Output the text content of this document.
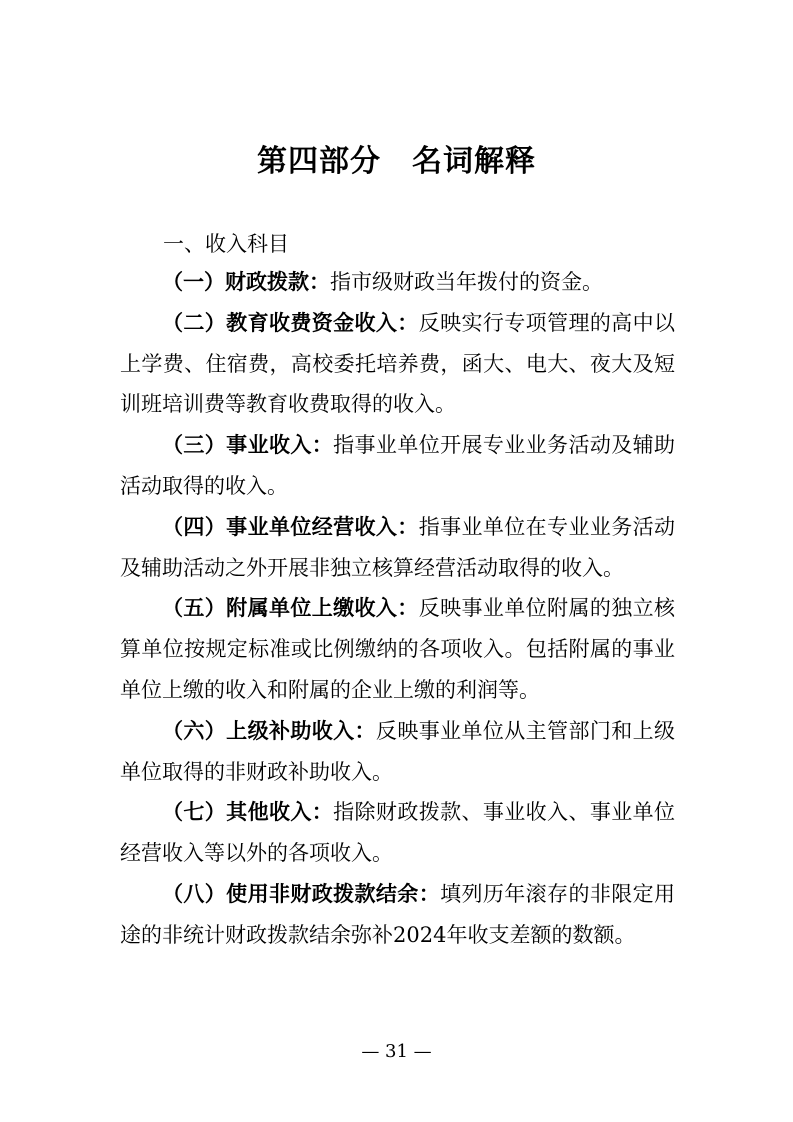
第四部分　名词解释
一、收入科目

（一）财政拨款：指市级财政当年拨付的资金。

（二）教育收费资金收入：反映实行专项管理的高中以上学费、住宿费，高校委托培养费，函大、电大、夜大及短训班培训费等教育收费取得的收入。

（三）事业收入：指事业单位开展专业业务活动及辅助活动取得的收入。

（四）事业单位经营收入：指事业单位在专业业务活动及辅助活动之外开展非独立核算经营活动取得的收入。

（五）附属单位上缴收入：反映事业单位附属的独立核算单位按规定标准或比例缴纳的各项收入。包括附属的事业单位上缴的收入和附属的企业上缴的利润等。

（六）上级补助收入：反映事业单位从主管部门和上级单位取得的非财政补助收入。

（七）其他收入：指除财政拨款、事业收入、事业单位经营收入等以外的各项收入。

（八）使用非财政拨款结余：填列历年滚存的非限定用途的非统计财政拨款结余弥补2024年收支差额的数额。

— 31 —
